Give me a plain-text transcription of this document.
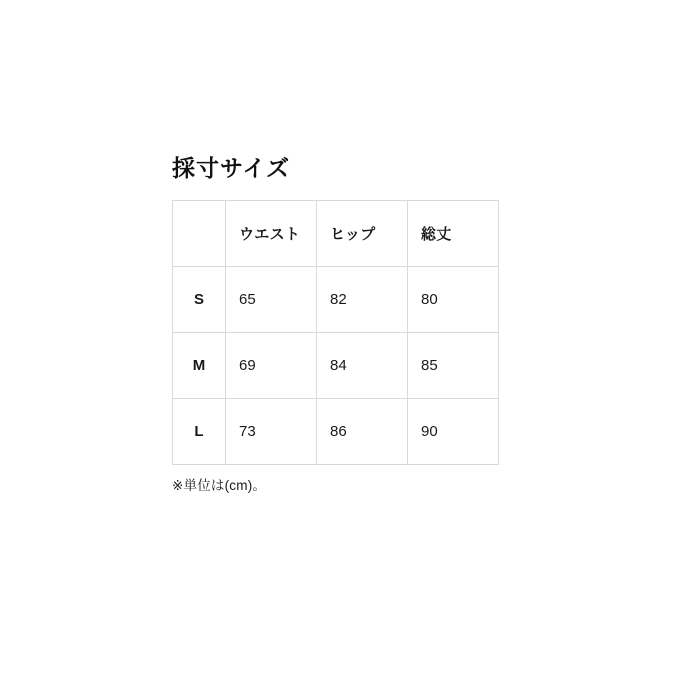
採寸サイズ
	ウエスト	ヒップ	総丈
S	65	82	80
M	69	84	85
L	73	86	90

※単位は(cm)。
